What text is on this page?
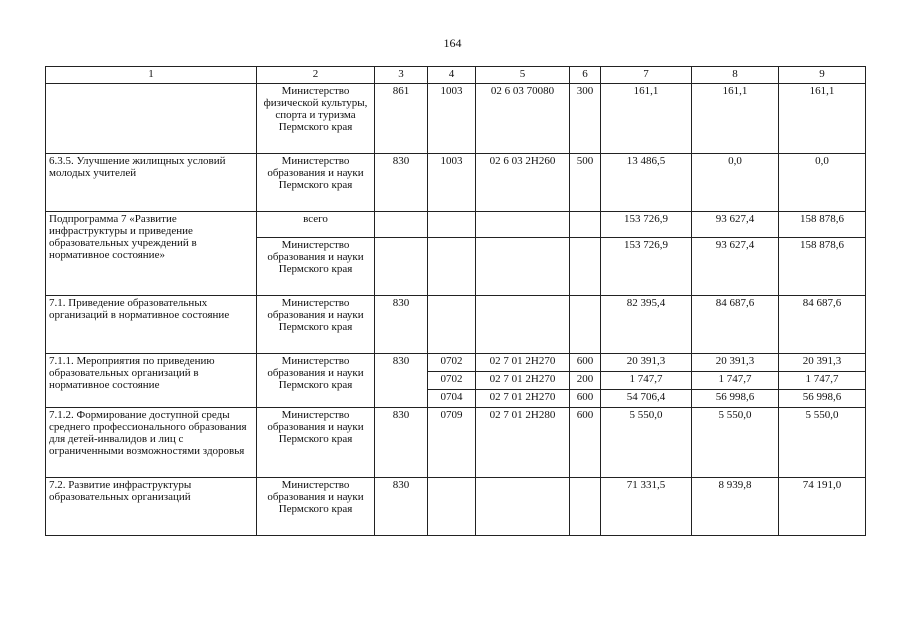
164
1	2	3	4	5	6	7	8	9
	Министерство физической культуры, спорта и туризма Пермского края	861	1003	02 6 03 70080	300	161,1	161,1	161,1
6.3.5. Улучшение жилищных условий молодых учителей	Министерство образования и науки Пермского края	830	1003	02 6 03 2Н260	500	13 486,5	0,0	0,0
Подпрограмма 7 «Развитие инфраструктуры и приведение образовательных учреждений в нормативное состояние»	всего					153 726,9	93 627,4	158 878,6
	Министерство образования и науки Пермского края					153 726,9	93 627,4	158 878,6
7.1. Приведение образовательных организаций в нормативное состояние	Министерство образования и науки Пермского края	830				82 395,4	84 687,6	84 687,6
7.1.1. Мероприятия по приведению образовательных организаций в нормативное состояние	Министерство образования и науки Пермского края	830	0702	02 7 01 2Н270	600	20 391,3	20 391,3	20 391,3
			0702	02 7 01 2Н270	200	1 747,7	1 747,7	1 747,7
			0704	02 7 01 2Н270	600	54 706,4	56 998,6	56 998,6
7.1.2. Формирование доступной среды среднего профессионального образования для детей-инвалидов и лиц с ограниченными возможностями здоровья	Министерство образования и науки Пермского края	830	0709	02 7 01 2Н280	600	5 550,0	5 550,0	5 550,0
7.2. Развитие инфраструктуры образовательных организаций	Министерство образования и науки Пермского края	830				71 331,5	8 939,8	74 191,0
